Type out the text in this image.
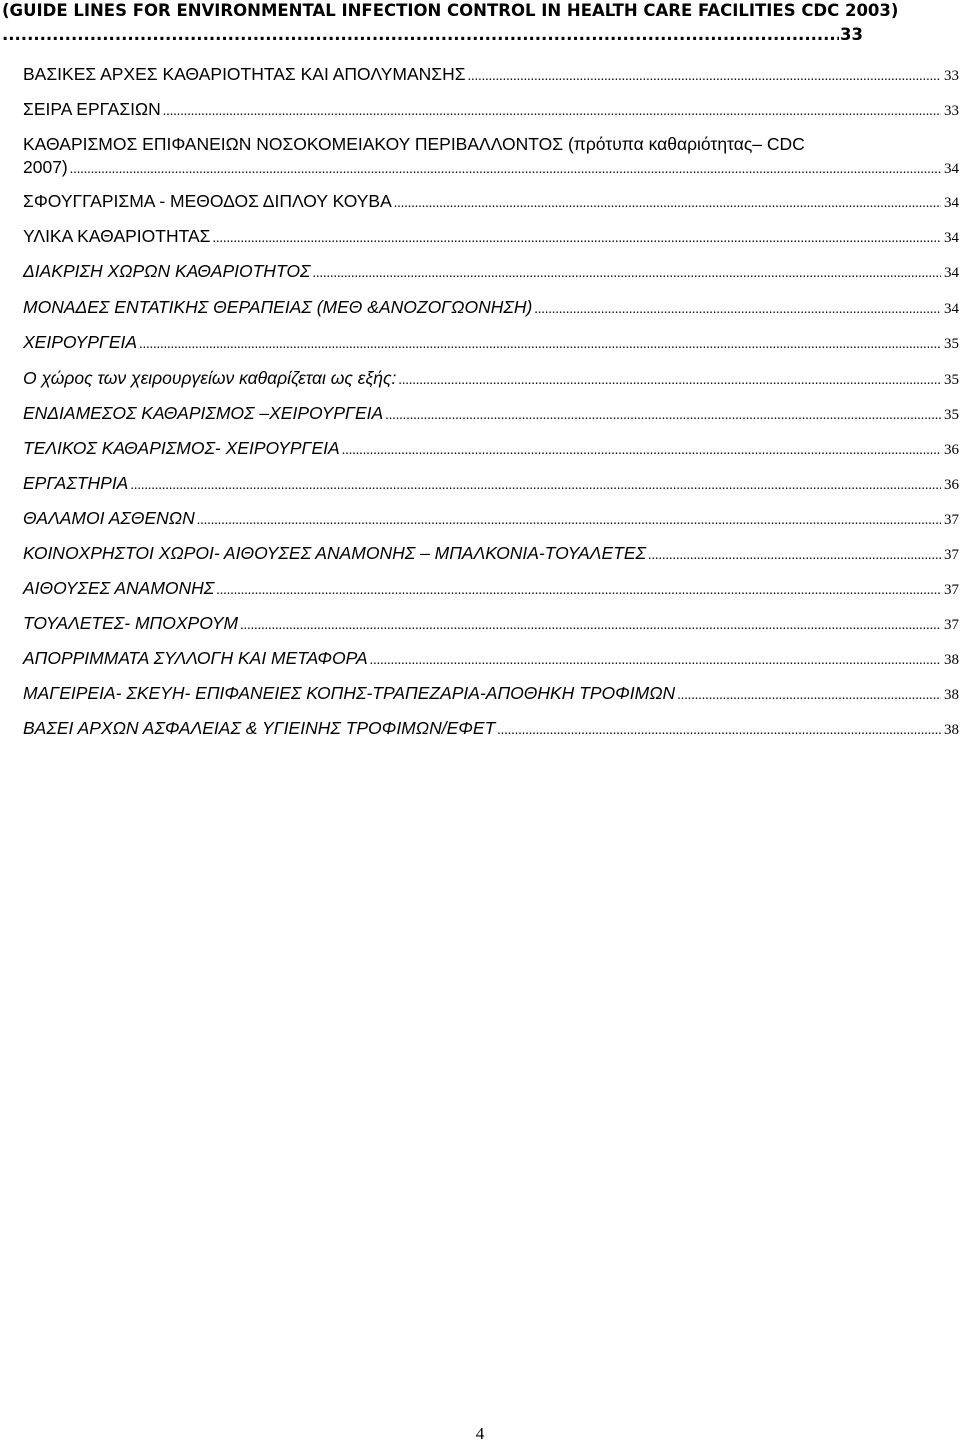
(GUIDE LINES FOR ENVIRONMENTAL INFECTION CONTROL IN HEALTH CARE FACILITIES CDC 2003)
.....
33
ΒΑΣΙΚΕΣ ΑΡΧΕΣ ΚΑΘΑΡΙΟΤΗΤΑΣ ΚΑΙ ΑΠΟΛΥΜΑΝΣΗΣ .....	33
ΣΕΙΡΑ ΕΡΓΑΣΙΩΝ .....	33
ΚΑΘΑΡΙΣΜΟΣ ΕΠΙΦΑΝΕΙΩΝ ΝΟΣΟΚΟΜΕΙΑΚΟΥ ΠΕΡΙΒΑΛΛΟΝΤΟΣ (πρότυπα καθαριότητας– CDC
2007) .....	34
ΣΦΟΥΓΓΑΡΙΣΜΑ - ΜΕΘΟΔΟΣ ΔΙΠΛΟΥ ΚΟΥΒΑ .....	34
ΥΛΙΚΑ ΚΑΘΑΡΙΟΤΗΤΑΣ .....	34
ΔΙΑΚΡΙΣΗ ΧΩΡΩΝ ΚΑΘΑΡΙΟΤΗΤΟΣ .....	34
ΜΟΝΑΔΕΣ ΕΝΤΑΤΙΚΗΣ ΘΕΡΑΠΕΙΑΣ (ΜΕΘ &ΑΝΟΖΟΓΩΟΝΗΣΗ) .....	34
ΧΕΙΡΟΥΡΓΕΙΑ .....	35
Ο χώρος των χειρουργείων καθαρίζεται ως εξής: .....	35
ΕΝΔΙΑΜΕΣΟΣ ΚΑΘΑΡΙΣΜΟΣ –ΧΕΙΡΟΥΡΓΕΙΑ .....	35
ΤΕΛΙΚΟΣ ΚΑΘΑΡΙΣΜΟΣ- ΧΕΙΡΟΥΡΓΕΙΑ .....	36
ΕΡΓΑΣΤΗΡΙΑ .....	36
ΘΑΛΑΜΟΙ ΑΣΘΕΝΩΝ .....	37
ΚΟΙΝΟΧΡΗΣΤΟΙ ΧΩΡΟΙ- ΑΙΘΟΥΣΕΣ ΑΝΑΜΟΝΗΣ – ΜΠΑΛΚΟΝΙΑ-ΤΟΥΑΛΕΤΕΣ .....	37
ΑΙΘΟΥΣΕΣ ΑΝΑΜΟΝΗΣ .....	37
ΤΟΥΑΛΕΤΕΣ- ΜΠΟΧΡΟΥΜ .....	37
ΑΠΟΡΡΙΜΜΑΤΑ ΣΥΛΛΟΓΗ ΚΑΙ ΜΕΤΑΦΟΡΑ .....	38
ΜΑΓΕΙΡΕΙΑ- ΣΚΕΥΗ- ΕΠΙΦΑΝΕΙΕΣ ΚΟΠΗΣ-ΤΡΑΠΕΖΑΡΙΑ-ΑΠΟΘΗΚΗ ΤΡΟΦΙΜΩΝ .....	38
ΒΑΣΕΙ ΑΡΧΩΝ ΑΣΦΑΛΕΙΑΣ & ΥΓΙΕΙΝΗΣ ΤΡΟΦΙΜΩΝ/ΕΦΕΤ .....	38
4
